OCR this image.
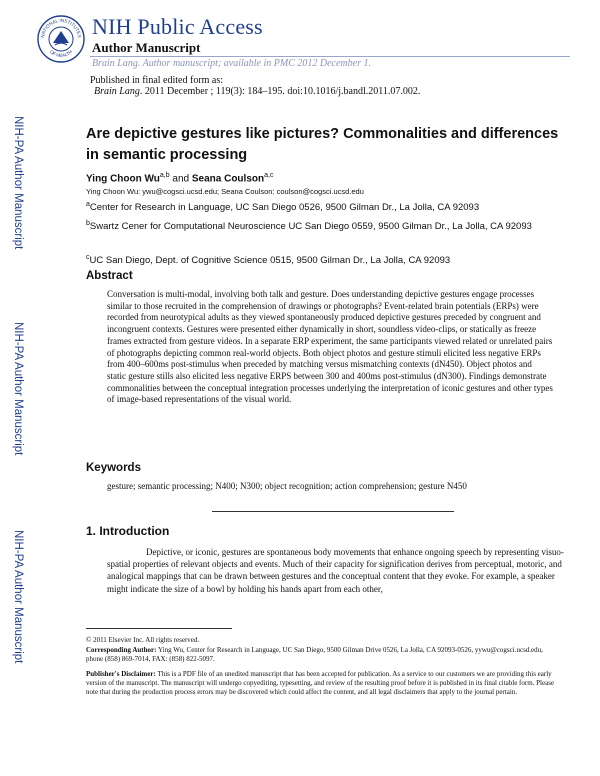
NATIONAL INSTITUTES
OF HEALTH
NIH Public Access
Author Manuscript
Brain Lang. Author manuscript; available in PMC 2012 December 1.
NIH-PA Author Manuscript
NIH-PA Author Manuscript
NIH-PA Author Manuscript
Published in final edited form as:
Brain Lang. 2011 December ; 119(3): 184–195. doi:10.1016/j.bandl.2011.07.002.
Are depictive gestures like pictures? Commonalities and differences in semantic processing
Ying Choon Wu$^{a,b}$ and Seana Coulson$^{a,c}$
Ying Choon Wu: ywu@cogsci.ucsd.edu; Seana Coulson: coulson@cogsci.ucsd.edu
$^a$Center for Research in Language, UC San Diego 0526, 9500 Gilman Dr., La Jolla, CA 92093
$^b$Swartz Cener for Computational Neuroscience UC San Diego 0559, 9500 Gilman Dr., La Jolla, CA 92093
$^c$UC San Diego, Dept. of Cognitive Science 0515, 9500 Gilman Dr., La Jolla, CA 92093
Abstract
Conversation is multi-modal, involving both talk and gesture. Does understanding depictive gestures engage processes similar to those recruited in the comprehension of drawings or photographs? Event-related brain potentials (ERPs) were recorded from neurotypical adults as they viewed spontaneously produced depictive gestures preceded by congruent and incongruent contexts. Gestures were presented either dynamically in short, soundless video-clips, or statically as freeze frames extracted from gesture videos. In a separate ERP experiment, the same participants viewed related or unrelated pairs of photographs depicting common real-world objects. Both object photos and gesture stimuli elicited less negative ERPs from 400–600ms post-stimulus when preceded by matching versus mismatching contexts (dN450). Object photos and static gesture stills also elicited less negative ERPS between 300 and 400ms post-stimulus (dN300). Findings demonstrate commonalities between the conceptual integration processes underlying the interpretation of iconic gestures and other types of image-based representations of the visual world.
Keywords
gesture; semantic processing; N400; N300; object recognition; action comprehension; gesture N450
1. Introduction
Depictive, or iconic, gestures are spontaneous body movements that enhance ongoing speech by representing visuo-spatial properties of relevant objects and events. Much of their capacity for signification derives from perceptual, motoric, and analogical mappings that can be drawn between gestures and the conceptual content that they evoke. For example, a speaker might indicate the size of a bowl by holding his hands apart from each other,
© 2011 Elsevier Inc. All rights reserved.
Corresponding Author: Ying Wu, Center for Research in Language, UC San Diego, 9500 Gilman Drive 0526, La Jolla, CA 92093-0526, yywu@cogsci.ucsd.edu, phone (858) 869-7014, FAX: (858) 822-5097.
Publisher's Disclaimer: This is a PDF file of an unedited manuscript that has been accepted for publication. As a service to our customers we are providing this early version of the manuscript. The manuscript will undergo copyediting, typesetting, and review of the resulting proof before it is published in its final citable form. Please note that during the production process errors may be discovered which could affect the content, and all legal disclaimers that apply to the journal pertain.
